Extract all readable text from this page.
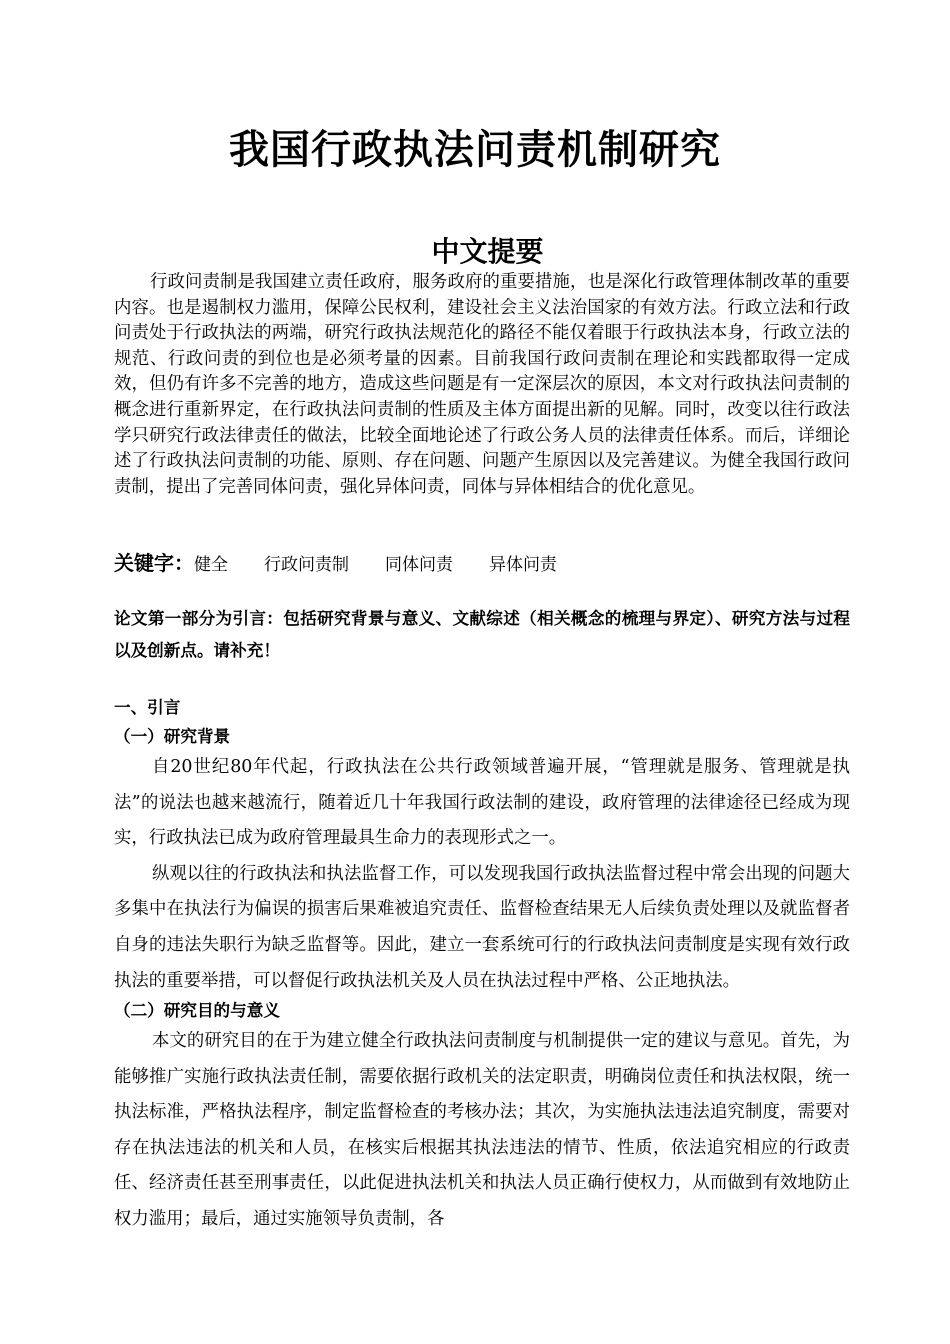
我国行政执法问责机制研究
中文提要

行政问责制是我国建立责任政府，服务政府的重要措施，也是深化行政管理体制改革的重要内容。也是遏制权力滥用，保障公民权利，建设社会主义法治国家的有效方法。行政立法和行政问责处于行政执法的两端，研究行政执法规范化的路径不能仅着眼于行政执法本身，行政立法的规范、行政问责的到位也是必须考量的因素。目前我国行政问责制在理论和实践都取得一定成效，但仍有许多不完善的地方，造成这些问题是有一定深层次的原因，本文对行政执法问责制的概念进行重新界定，在行政执法问责制的性质及主体方面提出新的见解。同时，改变以往行政法学只研究行政法律责任的做法，比较全面地论述了行政公务人员的法律责任体系。而后，详细论述了行政执法问责制的功能、原则、存在问题、问题产生原因以及完善建议。为健全我国行政问责制，提出了完善同体问责，强化异体问责，同体与异体相结合的优化意见。

关键字：健全 行政问责制 同体问责 异体问责

论文第一部分为引言：包括研究背景与意义、文献综述（相关概念的梳理与界定）、研究方法与过程以及创新点。请补充！

一、引言
（一）研究背景

自20世纪80年代起，行政执法在公共行政领域普遍开展，“管理就是服务、管理就是执法”的说法也越来越流行，随着近几十年我国行政法制的建设，政府管理的法律途径已经成为现实，行政执法已成为政府管理最具生命力的表现形式之一。

纵观以往的行政执法和执法监督工作，可以发现我国行政执法监督过程中常会出现的问题大多集中在执法行为偏误的损害后果难被追究责任、监督检查结果无人后续负责处理以及就监督者自身的违法失职行为缺乏监督等。因此，建立一套系统可行的行政执法问责制度是实现有效行政执法的重要举措，可以督促行政执法机关及人员在执法过程中严格、公正地执法。

（二）研究目的与意义

本文的研究目的在于为建立健全行政执法问责制度与机制提供一定的建议与意见。首先，为能够推广实施行政执法责任制，需要依据行政机关的法定职责，明确岗位责任和执法权限，统一执法标准，严格执法程序，制定监督检查的考核办法；其次，为实施执法违法追究制度，需要对存在执法违法的机关和人员，在核实后根据其执法违法的情节、性质，依法追究相应的行政责任、经济责任甚至刑事责任，以此促进执法机关和执法人员正确行使权力，从而做到有效地防止权力滥用；最后，通过实施领导负责制，各
